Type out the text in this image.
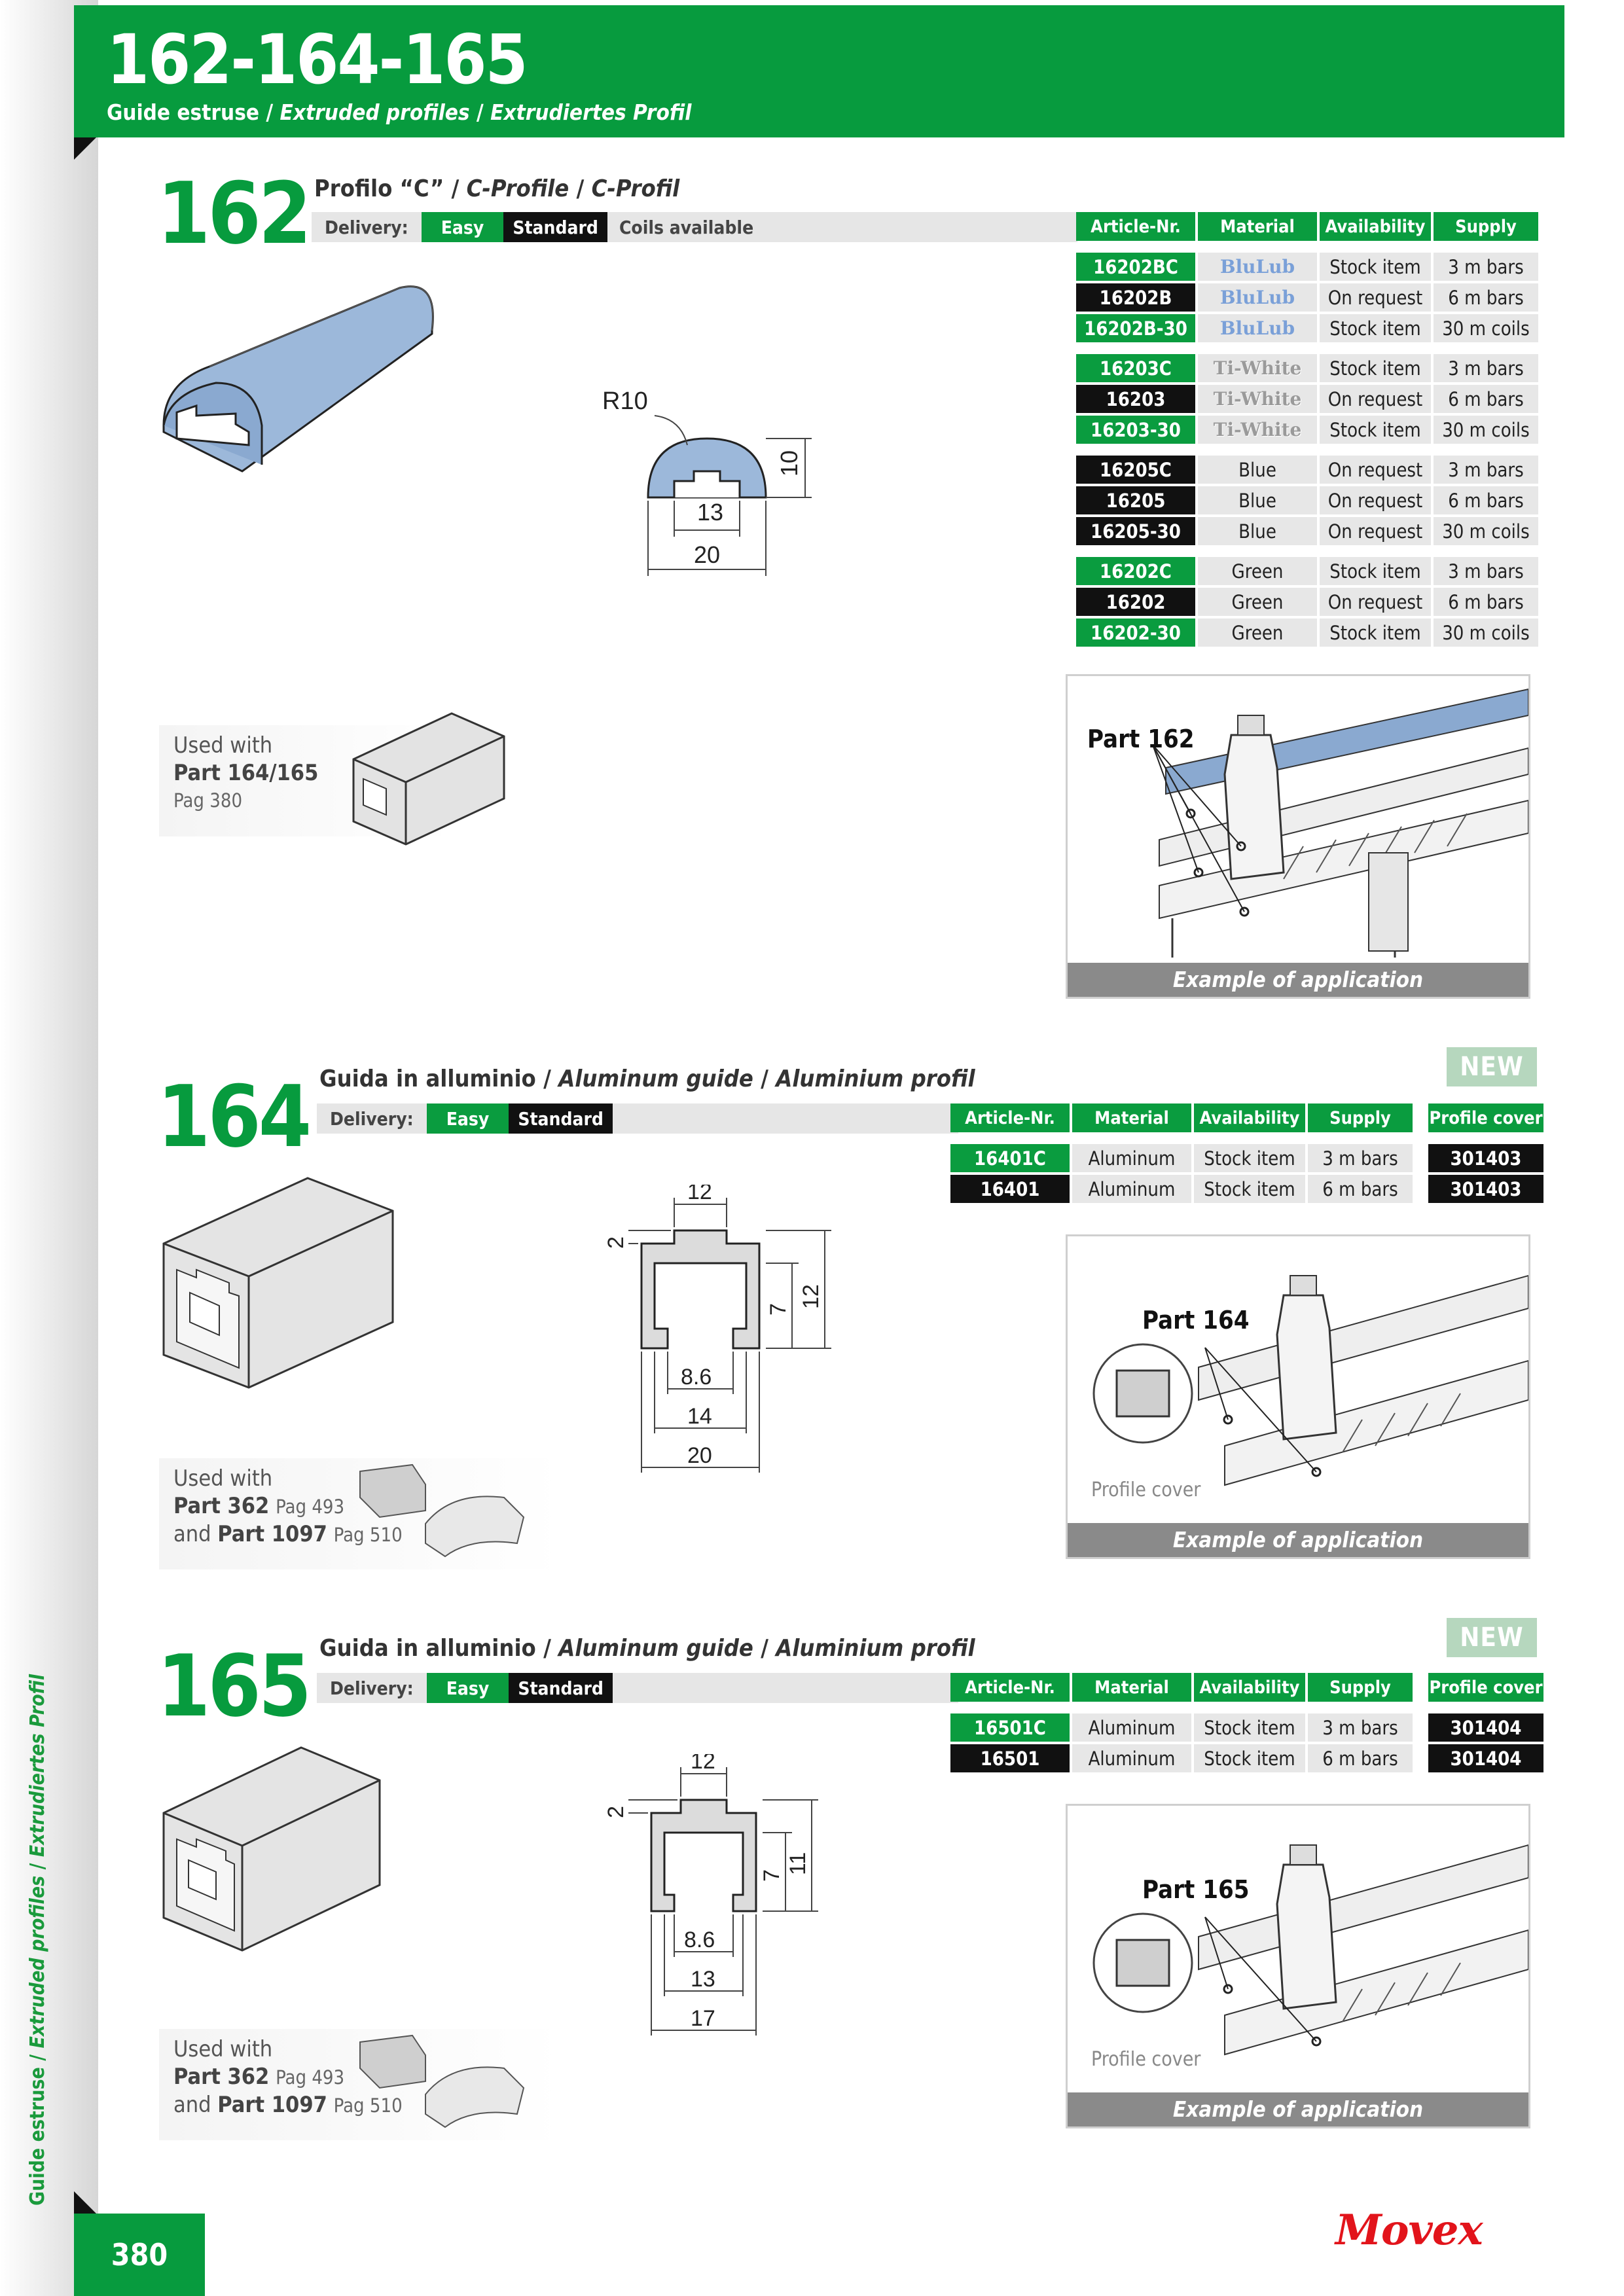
Guide estruse / Extruded profiles / Extrudiertes Profil
162-164-165
Guide estruse / Extruded profiles / Extrudiertes Profil
162 Profilo “C” / C-Profile / C-Profil
Delivery:	Easy	Standard	Coils available	Article-Nr.	Material	Availability	Supply

16202BC	BluLub	Stock item	3 m bars
16202B	BluLub	On request	6 m bars
16202B-30	BluLub	Stock item	30 m coils

16203C	Ti-White	Stock item	3 m bars
16203	Ti-White	On request	6 m bars
16203-30	Ti-White	Stock item	30 m coils

16205C	Blue	On request	3 m bars
16205	Blue	On request	6 m bars
16205-30	Blue	On request	30 m coils

16202C	Green	Stock item	3 m bars
16202	Green	On request	6 m bars
16202-30	Green	Stock item	30 m coils
R10
13
20
10
Used with
Part 164/165
Pag 380
Part 162
Example of application
164 Guida in alluminio / Aluminum guide / Aluminium profil	NEW
Delivery:	Easy	Standard	Article-Nr.	Material	Availability	Supply		Profile cover

16401C	Aluminum	Stock item	3 m bars		301403
16401	Aluminum	Stock item	6 m bars		301403
12
2
7
12
8.6
14
20
Used with
Part 362 Pag 493
and Part 1097 Pag 510
Part 164
Profile cover
Example of application
165 Guida in alluminio / Aluminum guide / Aluminium profil	NEW
Delivery:	Easy	Standard	Article-Nr.	Material	Availability	Supply		Profile cover

16501C	Aluminum	Stock item	3 m bars		301404
16501	Aluminum	Stock item	6 m bars		301404
12
2
7
11
8.6
13
17
Used with
Part 362 Pag 493
and Part 1097 Pag 510
Part 165
Profile cover
Example of application
380	Movex
